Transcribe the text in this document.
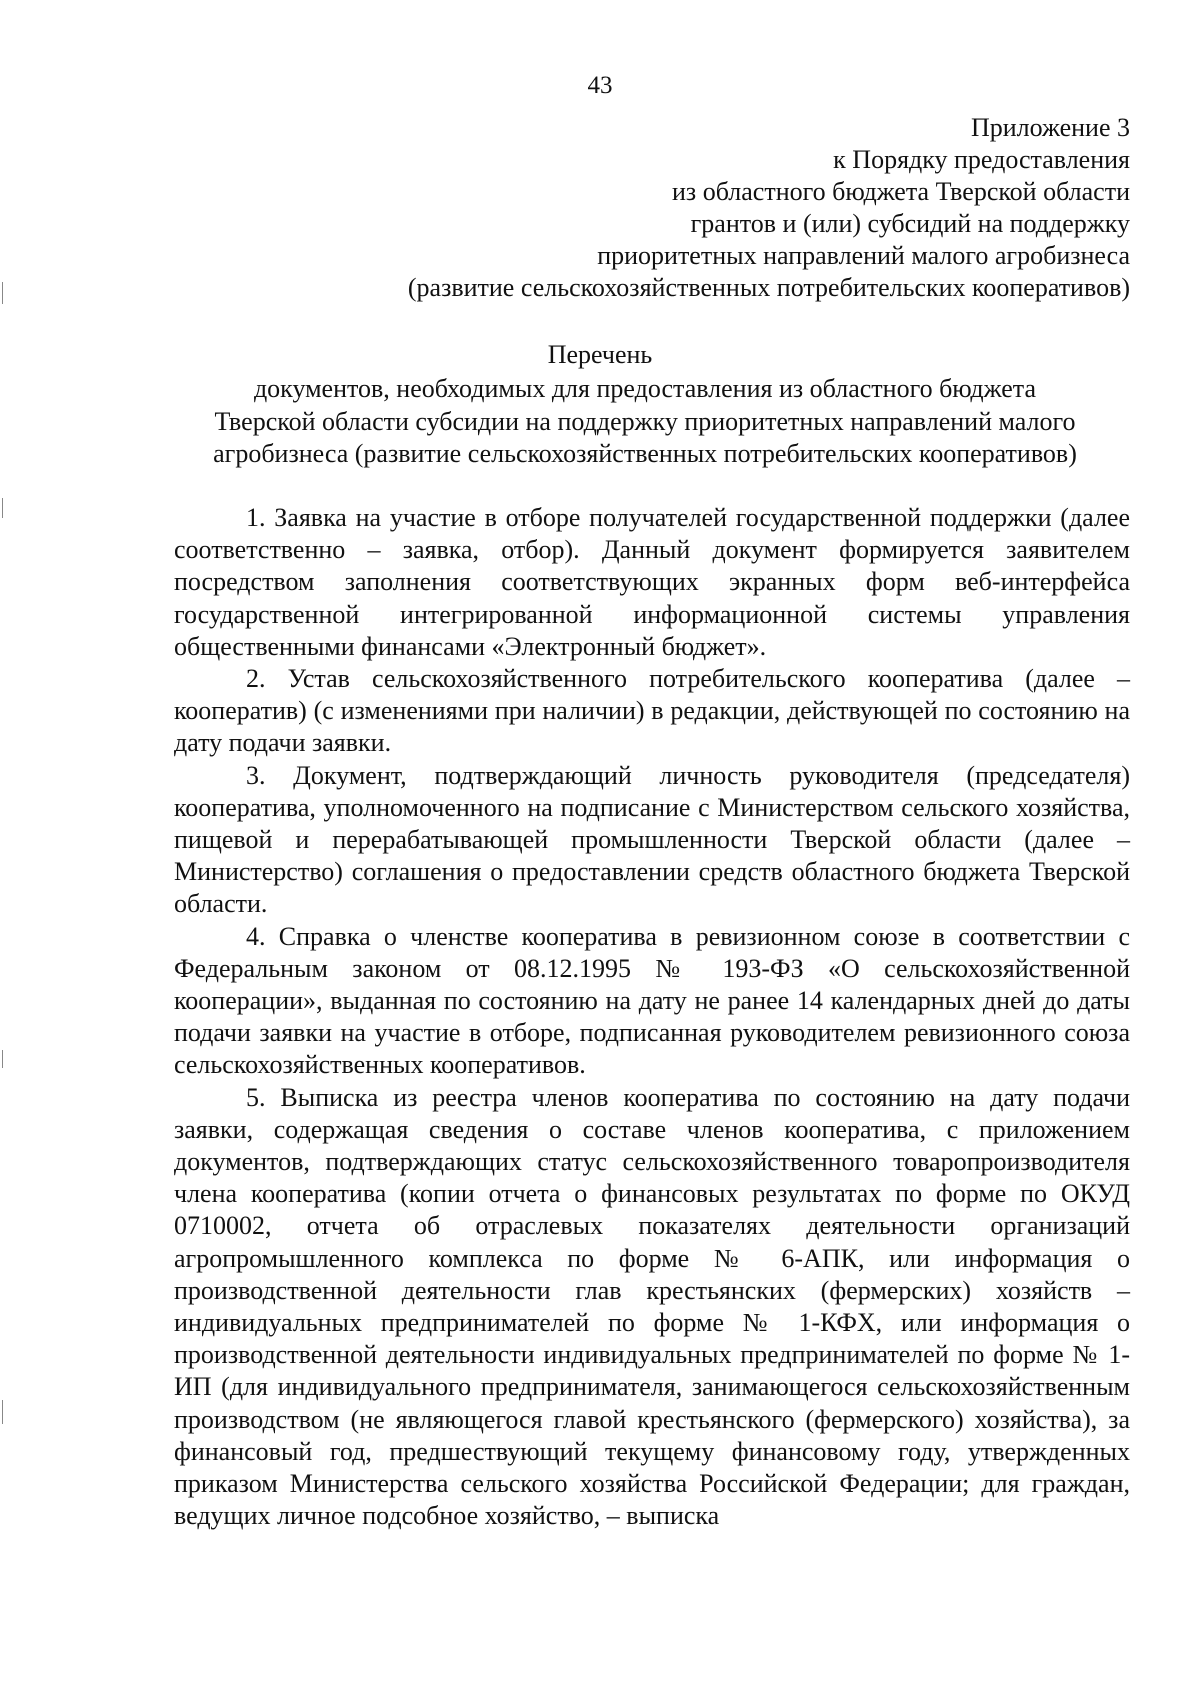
43
Приложение 3
к Порядку предоставления
из областного бюджета Тверской области
грантов и (или) субсидий на поддержку
приоритетных направлений малого агробизнеса
(развитие сельскохозяйственных потребительских кооперативов)
Перечень
документов, необходимых для предоставления из областного бюджета
Тверской области субсидии на поддержку приоритетных направлений малого
агробизнеса (развитие сельскохозяйственных потребительских кооперативов)

1. Заявка на участие в отборе получателей государственной поддержки (далее соответственно – заявка, отбор). Данный документ формируется заявителем посредством заполнения соответствующих экранных форм веб-интерфейса государственной интегрированной информационной системы управления общественными финансами «Электронный бюджет».

2. Устав сельскохозяйственного потребительского кооператива (далее – кооператив) (с изменениями при наличии) в редакции, действующей по состоянию на дату подачи заявки.

3. Документ, подтверждающий личность руководителя (председателя) кооператива, уполномоченного на подписание с Министерством сельского хозяйства, пищевой и перерабатывающей промышленности Тверской области (далее – Министерство) соглашения о предоставлении средств областного бюджета Тверской области.

4. Справка о членстве кооператива в ревизионном союзе в соответствии с Федеральным законом от 08.12.1995 № 193-ФЗ «О сельскохозяйственной кооперации», выданная по состоянию на дату не ранее 14 календарных дней до даты подачи заявки на участие в отборе, подписанная руководителем ревизионного союза сельскохозяйственных кооперативов.

5. Выписка из реестра членов кооператива по состоянию на дату подачи заявки, содержащая сведения о составе членов кооператива, с приложением документов, подтверждающих статус сельскохозяйственного товаропроизводителя члена кооператива (копии отчета о финансовых результатах по форме по ОКУД 0710002, отчета об отраслевых показателях деятельности организаций агропромышленного комплекса по форме № 6-АПК, или информация о производственной деятельности глав крестьянских (фермерских) хозяйств – индивидуальных предпринимателей по форме № 1-КФХ, или информация о производственной деятельности индивидуальных предпринимателей по форме № 1-ИП (для индивидуального предпринимателя, занимающегося сельскохозяйственным производством (не являющегося главой крестьянского (фермерского) хозяйства), за финансовый год, предшествующий текущему финансовому году, утвержденных приказом Министерства сельского хозяйства Российской Федерации; для граждан, ведущих личное подсобное хозяйство, – выписка
